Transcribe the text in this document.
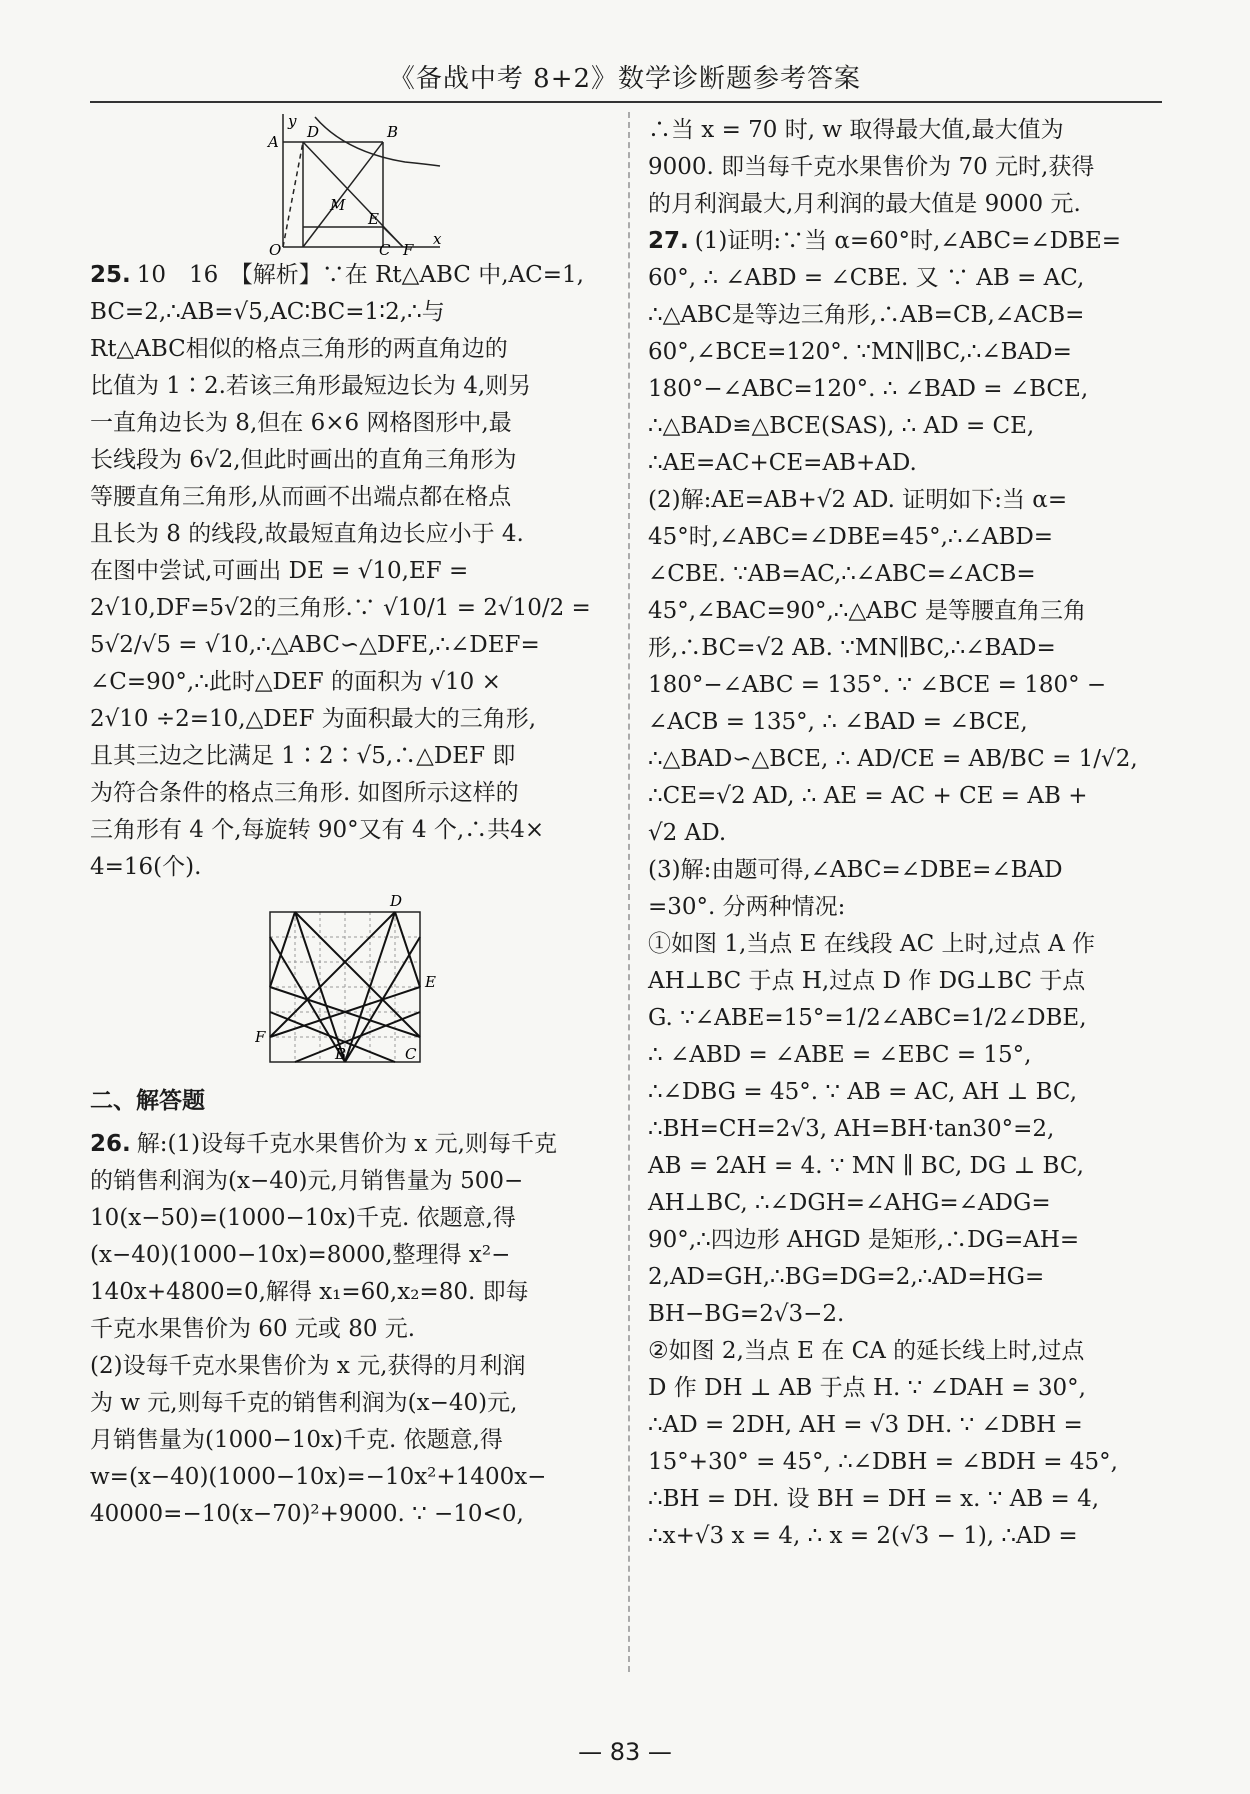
《备战中考 8+2》数学诊断题参考答案
y
D	B
A
M
E
O	C F
x
25. 10　16　【解析】∵在 Rt△ABC 中,AC=1,
BC=2,∴AB=√5,AC∶BC=1∶2,∴与
Rt△ABC相似的格点三角形的两直角边的
比值为 1∶2.若该三角形最短边长为 4,则另
一直角边长为 8,但在 6×6 网格图形中,最
长线段为 6√2,但此时画出的直角三角形为
等腰直角三角形,从而画不出端点都在格点
且长为 8 的线段,故最短直角边长应小于 4.
在图中尝试,可画出 DE = √10,EF =
2√10,DF=5√2的三角形.∵ √10/1 = 2√10/2 =
5√2/√5 = √10,∴△ABC∽△DFE,∴∠DEF=
∠C=90°,∴此时△DEF 的面积为 √10 ×
2√10 ÷2=10,△DEF 为面积最大的三角形,
且其三边之比满足 1∶2∶√5,∴△DEF 即
为符合条件的格点三角形. 如图所示这样的
三角形有 4 个,每旋转 90°又有 4 个,∴共4×
4=16(个).
D
E
F
B	C
二、解答题
26. 解:(1)设每千克水果售价为 x 元,则每千克
的销售利润为(x−40)元,月销售量为 500−
10(x−50)=(1000−10x)千克. 依题意,得
(x−40)(1000−10x)=8000,整理得 x²−
140x+4800=0,解得 x₁=60,x₂=80. 即每
千克水果售价为 60 元或 80 元.
(2)设每千克水果售价为 x 元,获得的月利润
为 w 元,则每千克的销售利润为(x−40)元,
月销售量为(1000−10x)千克. 依题意,得
w=(x−40)(1000−10x)=−10x²+1400x−
40000=−10(x−70)²+9000. ∵ −10<0,
∴当 x = 70 时, w 取得最大值,最大值为
9000. 即当每千克水果售价为 70 元时,获得
的月利润最大,月利润的最大值是 9000 元.
27. (1)证明:∵当 α=60°时,∠ABC=∠DBE=
60°, ∴ ∠ABD = ∠CBE. 又 ∵ AB = AC,
∴△ABC是等边三角形,∴AB=CB,∠ACB=
60°,∠BCE=120°. ∵MN∥BC,∴∠BAD=
180°−∠ABC=120°. ∴ ∠BAD = ∠BCE,
∴△BAD≌△BCE(SAS), ∴ AD = CE,
∴AE=AC+CE=AB+AD.
(2)解:AE=AB+√2 AD. 证明如下:当 α=
45°时,∠ABC=∠DBE=45°,∴∠ABD=
∠CBE. ∵AB=AC,∴∠ABC=∠ACB=
45°,∠BAC=90°,∴△ABC 是等腰直角三角
形,∴BC=√2 AB. ∵MN∥BC,∴∠BAD=
180°−∠ABC = 135°. ∵ ∠BCE = 180° −
∠ACB = 135°, ∴ ∠BAD = ∠BCE,
∴△BAD∽△BCE, ∴ AD/CE = AB/BC = 1/√2,
∴CE=√2 AD, ∴ AE = AC + CE = AB +
√2 AD.
(3)解:由题可得,∠ABC=∠DBE=∠BAD
=30°. 分两种情况:
①如图 1,当点 E 在线段 AC 上时,过点 A 作
AH⊥BC 于点 H,过点 D 作 DG⊥BC 于点
G. ∵∠ABE=15°=1/2∠ABC=1/2∠DBE,
∴ ∠ABD = ∠ABE = ∠EBC = 15°,
∴∠DBG = 45°. ∵ AB = AC, AH ⊥ BC,
∴BH=CH=2√3, AH=BH·tan30°=2,
AB = 2AH = 4. ∵ MN ∥ BC, DG ⊥ BC,
AH⊥BC, ∴∠DGH=∠AHG=∠ADG=
90°,∴四边形 AHGD 是矩形,∴DG=AH=
2,AD=GH,∴BG=DG=2,∴AD=HG=
BH−BG=2√3−2.
②如图 2,当点 E 在 CA 的延长线上时,过点
D 作 DH ⊥ AB 于点 H. ∵ ∠DAH = 30°,
∴AD = 2DH, AH = √3 DH. ∵ ∠DBH =
15°+30° = 45°, ∴∠DBH = ∠BDH = 45°,
∴BH = DH. 设 BH = DH = x. ∵ AB = 4,
∴x+√3 x = 4, ∴ x = 2(√3 − 1), ∴AD =
— 83 —
